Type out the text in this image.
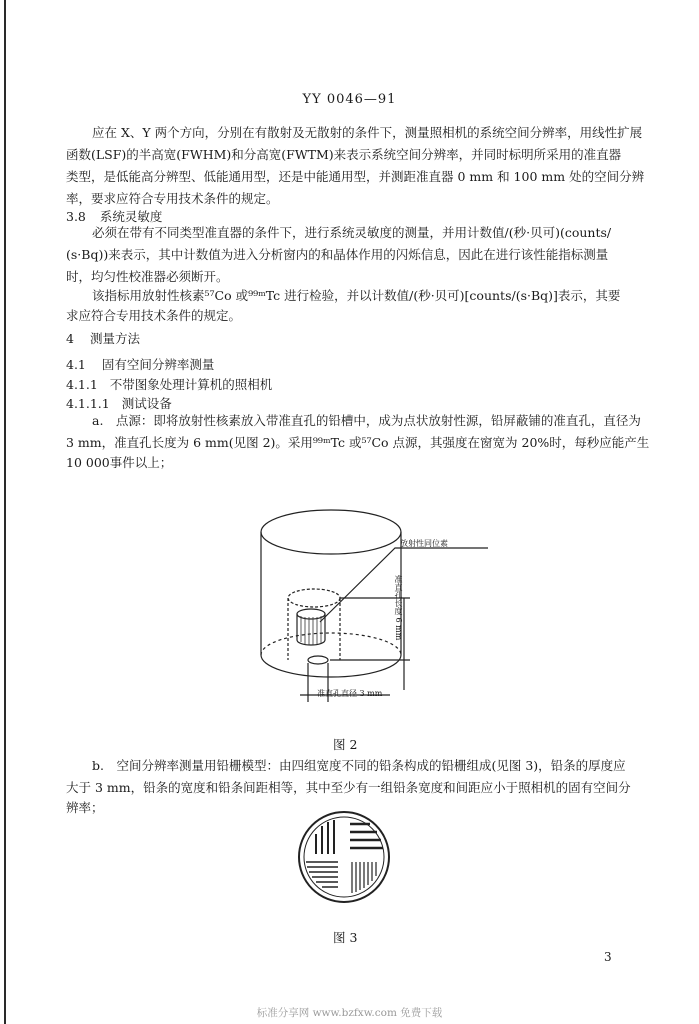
YY 0046—91
应在 X、Y 两个方向，分别在有散射及无散射的条件下，测量照相机的系统空间分辨率，用线性扩展
函数(LSF)的半高宽(FWHM)和分高宽(FWTM)来表示系统空间分辨率，并同时标明所采用的准直器
类型，是低能高分辨型、低能通用型，还是中能通用型，并测距准直器 0 mm 和 100 mm 处的空间分辨
率，要求应符合专用技术条件的规定。
3.8 系统灵敏度
必须在带有不同类型准直器的条件下，进行系统灵敏度的测量，并用计数值/(秒·贝可)(counts/
(s·Bq))来表示，其中计数值为进入分析窗内的和晶体作用的闪烁信息，因此在进行该性能指标测量
时，均匀性校准器必须断开。
该指标用放射性核素⁵⁷Co 或⁹⁹ᵐTc 进行检验，并以计数值/(秒·贝可)[counts/(s·Bq)]表示，其要
求应符合专用技术条件的规定。
4 测量方法
4.1 固有空间分辨率测量
4.1.1 不带图象处理计算机的照相机
4.1.1.1 测试设备
a.　点源：即将放射性核素放入带准直孔的铅槽中，成为点状放射性源，铅屏蔽铺的准直孔，直径为
3 mm，准直孔长度为 6 mm(见图 2)。采用⁹⁹ᵐTc 或⁵⁷Co 点源，其强度在窗宽为 20%时，每秒应能产生
10 000事件以上；
放射性同位素
准直孔长度 6 mm
准直孔直径 3 mm
图 2
b.　空间分辨率测量用铅栅模型：由四组宽度不同的铅条构成的铅栅组成(见图 3)，铅条的厚度应
大于 3 mm，铅条的宽度和铅条间距相等，其中至少有一组铅条宽度和间距应小于照相机的固有空间分
辨率；
图 3
3
标准分享网 www.bzfxw.com 免费下载
